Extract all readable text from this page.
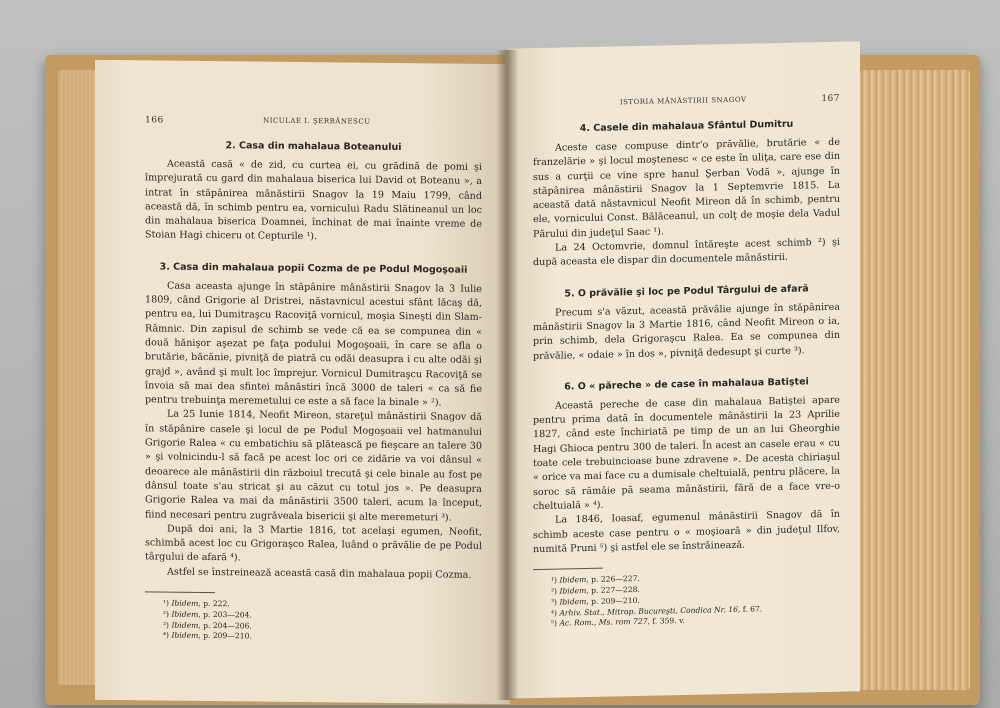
166	NICULAE I. ŞERBĂNESCU
2. Casa din mahalaua Boteanului

Această casă « de zid, cu curtea ei, cu grădină de pomi şi împrejurată cu gard din mahalaua biserica lui David ot Boteanu », a intrat în stăpânirea mânăstirii Snagov la 19 Maiu 1799, când această dă, în schimb pentru ea, vornicului Radu Slătineanul un loc din mahalaua biserica Doamnei, închinat de mai înainte vreme de Stoian Hagi chiceru ot Cepturile ¹).

3. Casa din mahalaua popii Cozma de pe Podul Mogoşoaii

Casa aceasta ajunge în stăpânire mânăstirii Snagov la 3 Iulie 1809, când Grigorie al Dristrei, năstavnicul acestui sfânt lăcaş dă, pentru ea, lui Dumitraşcu Racoviţă vornicul, moşia Sineşti din Slam-Râmnic. Din zapisul de schimb se vede că ea se compunea din « două hănişor aşezat pe faţa podului Mogoşoaii, în care se afla o brutărie, băcănie, pivniţă de piatră cu odăi deasupra i cu alte odăi şi grajd », având şi mult loc împrejur. Vornicul Dumitraşcu Racoviţă se învoia să mai dea sfintei mânăstiri încă 3000 de taleri « ca să fie pentru trebuinţa meremetului ce este a să face la binale » ²).

La 25 Iunie 1814, Neofit Mireon, stareţul mânăstirii Snagov dă în stăpânire casele şi locul de pe Podul Mogoşoaii vel hatmanului Grigorie Ralea « cu embatichiu să plătească pe fieşcare an talere 30 » şi volnicindu-l să facă pe acest loc ori ce zidărie va voi dânsul « deoarece ale mânăstirii din războiul trecută şi cele binale au fost pe dânsul toate s'au stricat şi au căzut cu totul jos ». Pe deasupra Grigorie Ralea va mai da mânăstirii 3500 taleri, acum la început, fiind necesari pentru zugrăveala bisericii şi alte meremeturi ³).

După doi ani, la 3 Martie 1816, tot acelaşi egumen, Neofit, schimbă acest loc cu Grigoraşco Ralea, luând o prăvălie de pe Podul târgului de afară ⁴).

Astfel se înstreinează această casă din mahalaua popii Cozma.

¹) Ibidem, p. 222.
²) Ibidem, p. 203—204.
³) Ibidem, p. 204—206.
⁴) Ibidem, p. 209—210.
ISTORIA MĂNĂSTIRII SNAGOV	167
4. Casele din mahalaua Sfântul Dumitru

Aceste case compuse dintr'o prăvălie, brutărie « de franzelărie » şi locul moştenesc « ce este în uliţa, care ese din sus a curţii ce vine spre hanul Şerban Vodă », ajunge în stăpânirea mânăstirii Snagov la 1 Septemvrie 1815. La această dată năstavnicul Neofit Mireon dă în schimb, pentru ele, vornicului Const. Bălăceanul, un colţ de moşie dela Vadul Părului din judeţul Saac ¹).

La 24 Octomvrie, domnul întăreşte acest schimb ²) şi după aceasta ele dispar din documentele mânăstirii.

5. O prăvălie şi loc pe Podul Târgului de afară

Precum s'a văzut, această prăvălie ajunge în stăpânirea mânăstirii Snagov la 3 Martie 1816, când Neofit Mireon o ia, prin schimb, dela Grigoraşcu Ralea. Ea se compunea din prăvălie, « odaie » în dos », pivniţă dedesupt şi curte ³).

6. O « păreche » de case în mahalaua Batiştei

Această pereche de case din mahalaua Batiştei apare pentru prima dată în documentele mânăstirii la 23 Aprilie 1827, când este închiriată pe timp de un an lui Gheorghie Hagi Ghioca pentru 300 de taleri. În acest an casele erau « cu toate cele trebuincioase bune zdravene ». De acesta chiriaşul « orice va mai face cu a dumisale cheltuială, pentru plăcere, la soroc să rămâie pă seama mânăstirii, fără de a face vre-o cheltuială » ⁴).

La 1846, Ioasaf, egumenul mânăstirii Snagov dă în schimb aceste case pentru o « moşioară » din judeţul Ilfov, numită Pruni ⁵) şi astfel ele se înstrăinează.

¹) Ibidem, p. 226—227.
²) Ibidem, p. 227—228.
³) Ibidem, p. 209—210.
⁴) Arhiv. Stat., Mitrop. Bucureşti, Condica Nr. 16, f. 67.
⁵) Ac. Rom., Ms. rom 727, f. 359. v.
